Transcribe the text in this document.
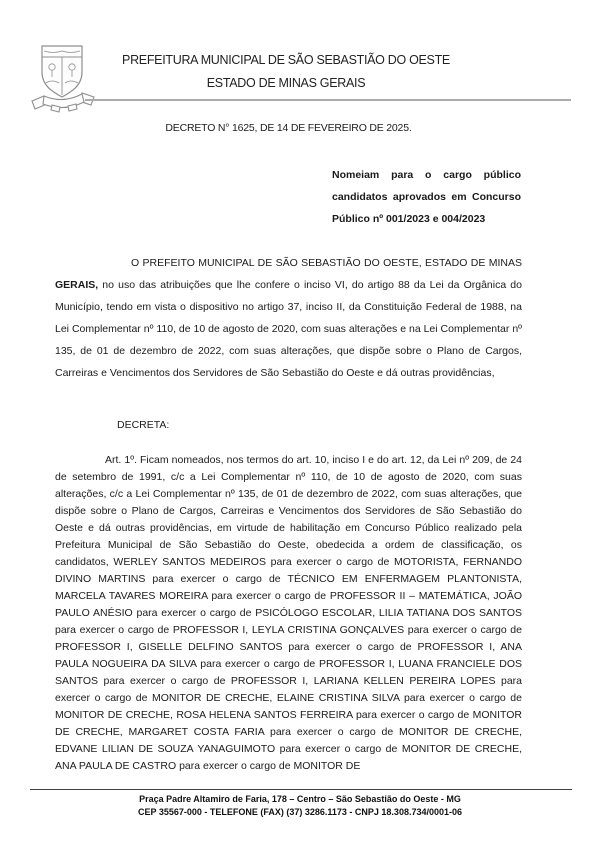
PREFEITURA MUNICIPAL DE SÃO SEBASTIÃO DO OESTE
ESTADO DE MINAS GERAIS
DECRETO N° 1625, DE 14 DE FEVEREIRO DE 2025.

Nomeiam para o cargo público candidatos aprovados em Concurso Público nº 001/2023 e 004/2023

O PREFEITO MUNICIPAL DE SÃO SEBASTIÃO DO OESTE, ESTADO DE MINAS GERAIS, no uso das atribuições que lhe confere o inciso VI, do artigo 88 da Lei da Orgânica do Município, tendo em vista o dispositivo no artigo 37, inciso II, da Constituição Federal de 1988, na Lei Complementar nº 110, de 10 de agosto de 2020, com suas alterações e na Lei Complementar nº 135, de 01 de dezembro de 2022, com suas alterações, que dispõe sobre o Plano de Cargos, Carreiras e Vencimentos dos Servidores de São Sebastião do Oeste e dá outras providências,

DECRETA:

Art. 1º. Ficam nomeados, nos termos do art. 10, inciso I e do art. 12, da Lei nº 209, de 24 de setembro de 1991, c/c a Lei Complementar nº 110, de 10 de agosto de 2020, com suas alterações, c/c a Lei Complementar nº 135, de 01 de dezembro de 2022, com suas alterações, que dispõe sobre o Plano de Cargos, Carreiras e Vencimentos dos Servidores de São Sebastião do Oeste e dá outras providências, em virtude de habilitação em Concurso Público realizado pela Prefeitura Municipal de São Sebastião do Oeste, obedecida a ordem de classificação, os candidatos, WERLEY SANTOS MEDEIROS para exercer o cargo de MOTORISTA, FERNANDO DIVINO MARTINS para exercer o cargo de TÉCNICO EM ENFERMAGEM PLANTONISTA, MARCELA TAVARES MOREIRA para exercer o cargo de PROFESSOR II – MATEMÁTICA, JOÃO PAULO ANÉSIO para exercer o cargo de PSICÓLOGO ESCOLAR, LILIA TATIANA DOS SANTOS para exercer o cargo de PROFESSOR I, LEYLA CRISTINA GONÇALVES para exercer o cargo de PROFESSOR I, GISELLE DELFINO SANTOS para exercer o cargo de PROFESSOR I, ANA PAULA NOGUEIRA DA SILVA para exercer o cargo de PROFESSOR I, LUANA FRANCIELE DOS SANTOS para exercer o cargo de PROFESSOR I, LARIANA KELLEN PEREIRA LOPES para exercer o cargo de MONITOR DE CRECHE, ELAINE CRISTINA SILVA para exercer o cargo de MONITOR DE CRECHE, ROSA HELENA SANTOS FERREIRA para exercer o cargo de MONITOR DE CRECHE, MARGARET COSTA FARIA para exercer o cargo de MONITOR DE CRECHE, EDVANE LILIAN DE SOUZA YANAGUIMOTO para exercer o cargo de MONITOR DE CRECHE, ANA PAULA DE CASTRO para exercer o cargo de MONITOR DE

Praça Padre Altamiro de Faria, 178 – Centro – São Sebastião do Oeste - MG
CEP 35567-000 - TELEFONE (FAX) (37) 3286.1173 - CNPJ 18.308.734/0001-06
